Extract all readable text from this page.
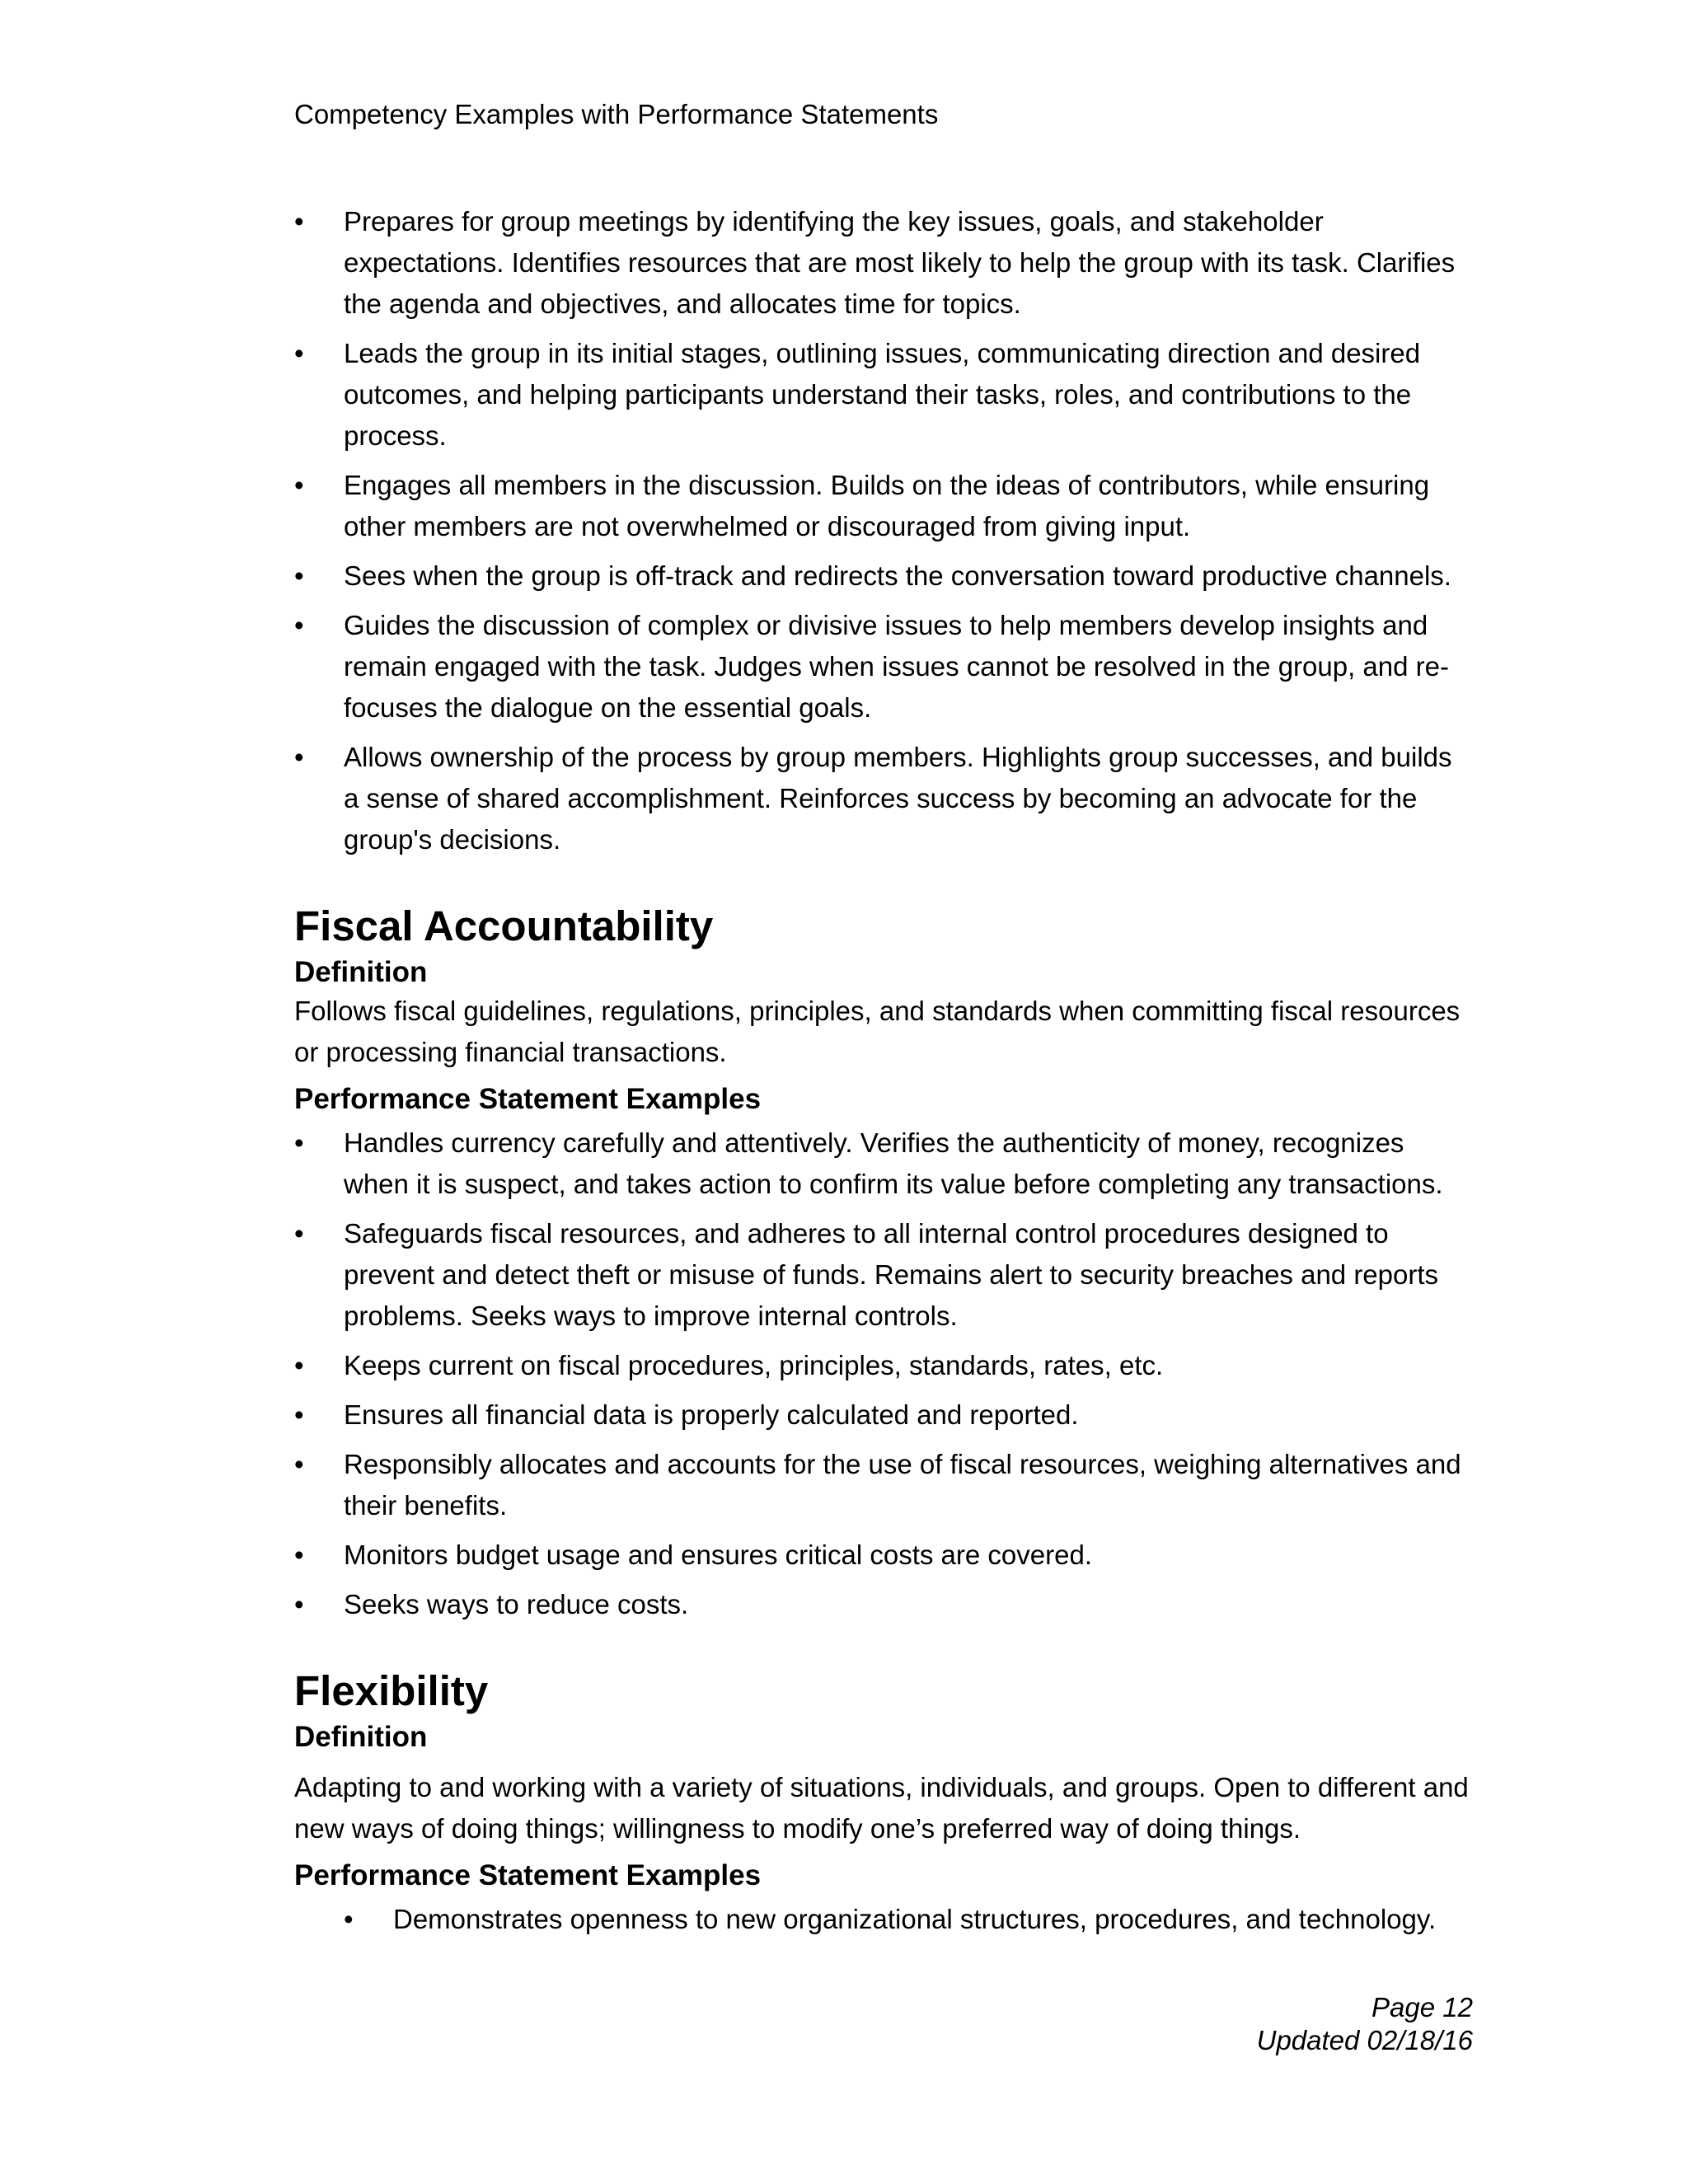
Competency Examples with Performance Statements
• Prepares for group meetings by identifying the key issues, goals, and stakeholder expectations. Identifies resources that are most likely to help the group with its task. Clarifies the agenda and objectives, and allocates time for topics.
• Leads the group in its initial stages, outlining issues, communicating direction and desired outcomes, and helping participants understand their tasks, roles, and contributions to the process.
• Engages all members in the discussion. Builds on the ideas of contributors, while ensuring other members are not overwhelmed or discouraged from giving input.
• Sees when the group is off-track and redirects the conversation toward productive channels.
• Guides the discussion of complex or divisive issues to help members develop insights and remain engaged with the task. Judges when issues cannot be resolved in the group, and re-focuses the dialogue on the essential goals.
• Allows ownership of the process by group members. Highlights group successes, and builds a sense of shared accomplishment. Reinforces success by becoming an advocate for the group's decisions.
Fiscal Accountability
Definition

Follows fiscal guidelines, regulations, principles, and standards when committing fiscal resources or processing financial transactions.

Performance Statement Examples
• Handles currency carefully and attentively. Verifies the authenticity of money, recognizes when it is suspect, and takes action to confirm its value before completing any transactions.
• Safeguards fiscal resources, and adheres to all internal control procedures designed to prevent and detect theft or misuse of funds. Remains alert to security breaches and reports problems. Seeks ways to improve internal controls.
• Keeps current on fiscal procedures, principles, standards, rates, etc.
• Ensures all financial data is properly calculated and reported.
• Responsibly allocates and accounts for the use of fiscal resources, weighing alternatives and their benefits.
• Monitors budget usage and ensures critical costs are covered.
• Seeks ways to reduce costs.
Flexibility
Definition

Adapting to and working with a variety of situations, individuals, and groups. Open to different and new ways of doing things; willingness to modify one’s preferred way of doing things.

Performance Statement Examples
• Demonstrates openness to new organizational structures, procedures, and technology.
Page 12
Updated 02/18/16
